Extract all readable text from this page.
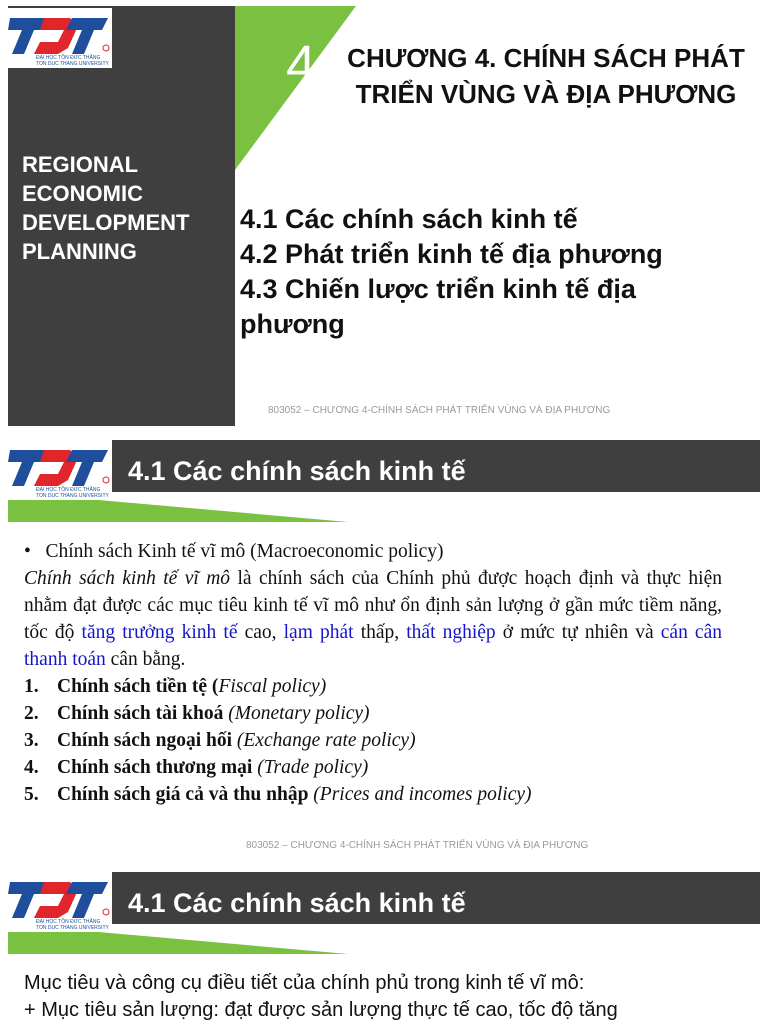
ĐẠI HỌC TÔN ĐỨC THẮNG TON DUC THANG UNIVERSITY	4	CHƯƠNG 4. CHÍNH SÁCH PHÁT TRIỂN VÙNG VÀ ĐỊA PHƯƠNG
REGIONAL ECONOMIC DEVELOPMENT PLANNING
4.1 Các chính sách kinh tế
4.2 Phát triển kinh tế địa phương
4.3 Chiến lược triển kinh tế địa phương
803052 – CHƯƠNG 4-CHÍNH SÁCH PHÁT TRIỂN VÙNG VÀ ĐỊA PHƯƠNG
ĐẠI HỌC TÔN ĐỨC THẮNG TON DUC THANG UNIVERSITY
4.1 Các chính sách kinh tế
• Chính sách Kinh tế vĩ mô (Macroeconomic policy)
Chính sách kinh tế vĩ mô là chính sách của Chính phủ được hoạch định và thực hiện nhằm đạt được các mục tiêu kinh tế vĩ mô như ổn định sản lượng ở gần mức tiềm năng, tốc độ tăng trưởng kinh tế cao, lạm phát thấp, thất nghiệp ở mức tự nhiên và cán cân thanh toán cân bằng.
1. Chính sách tiền tệ (Fiscal policy)
2. Chính sách tài khoá (Monetary policy)
3. Chính sách ngoại hối (Exchange rate policy)
4. Chính sách thương mại (Trade policy)
5. Chính sách giá cả và thu nhập (Prices and incomes policy)
803052 – CHƯƠNG 4-CHÍNH SÁCH PHÁT TRIỂN VÙNG VÀ ĐỊA PHƯƠNG
ĐẠI HỌC TÔN ĐỨC THẮNG TON DUC THANG UNIVERSITY
4.1 Các chính sách kinh tế
Mục tiêu và công cụ điều tiết của chính phủ trong kinh tế vĩ mô:
+ Mục tiêu sản lượng: đạt được sản lượng thực tế cao, tốc độ tăng
